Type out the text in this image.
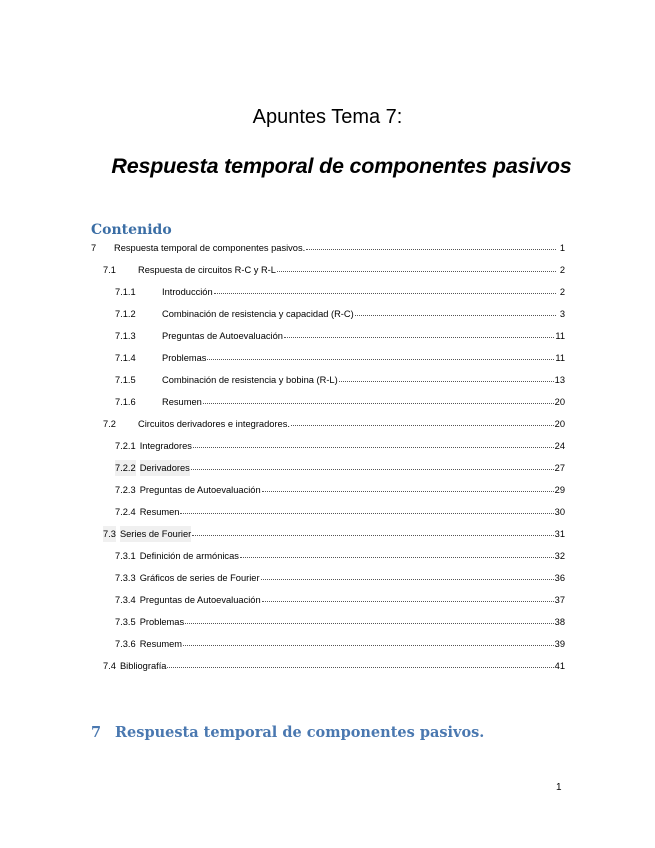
Apuntes Tema 7:
Respuesta temporal de componentes pasivos
Contenido
7	Respuesta temporal de componentes pasivos.	1
7.1	Respuesta de circuitos R-C y R-L	2
7.1.1	Introducción	2
7.1.2	Combinación de resistencia y capacidad (R-C)	3
7.1.3	Preguntas de Autoevaluación	11
7.1.4	Problemas	11
7.1.5	Combinación de resistencia y bobina (R-L)	13
7.1.6	Resumen	20
7.2	Circuitos derivadores e integradores.	20
7.2.1 Integradores	24
7.2.2 Derivadores	27
7.2.3 Preguntas de Autoevaluación	29
7.2.4 Resumen	30
7.3 Series de Fourier	31
7.3.1 Definición de armónicas	32
7.3.3 Gráficos de series de Fourier	36
7.3.4 Preguntas de Autoevaluación	37
7.3.5 Problemas	38
7.3.6 Resumem	39
7.4 Bibliografía	41
7 Respuesta temporal de componentes pasivos.
1
